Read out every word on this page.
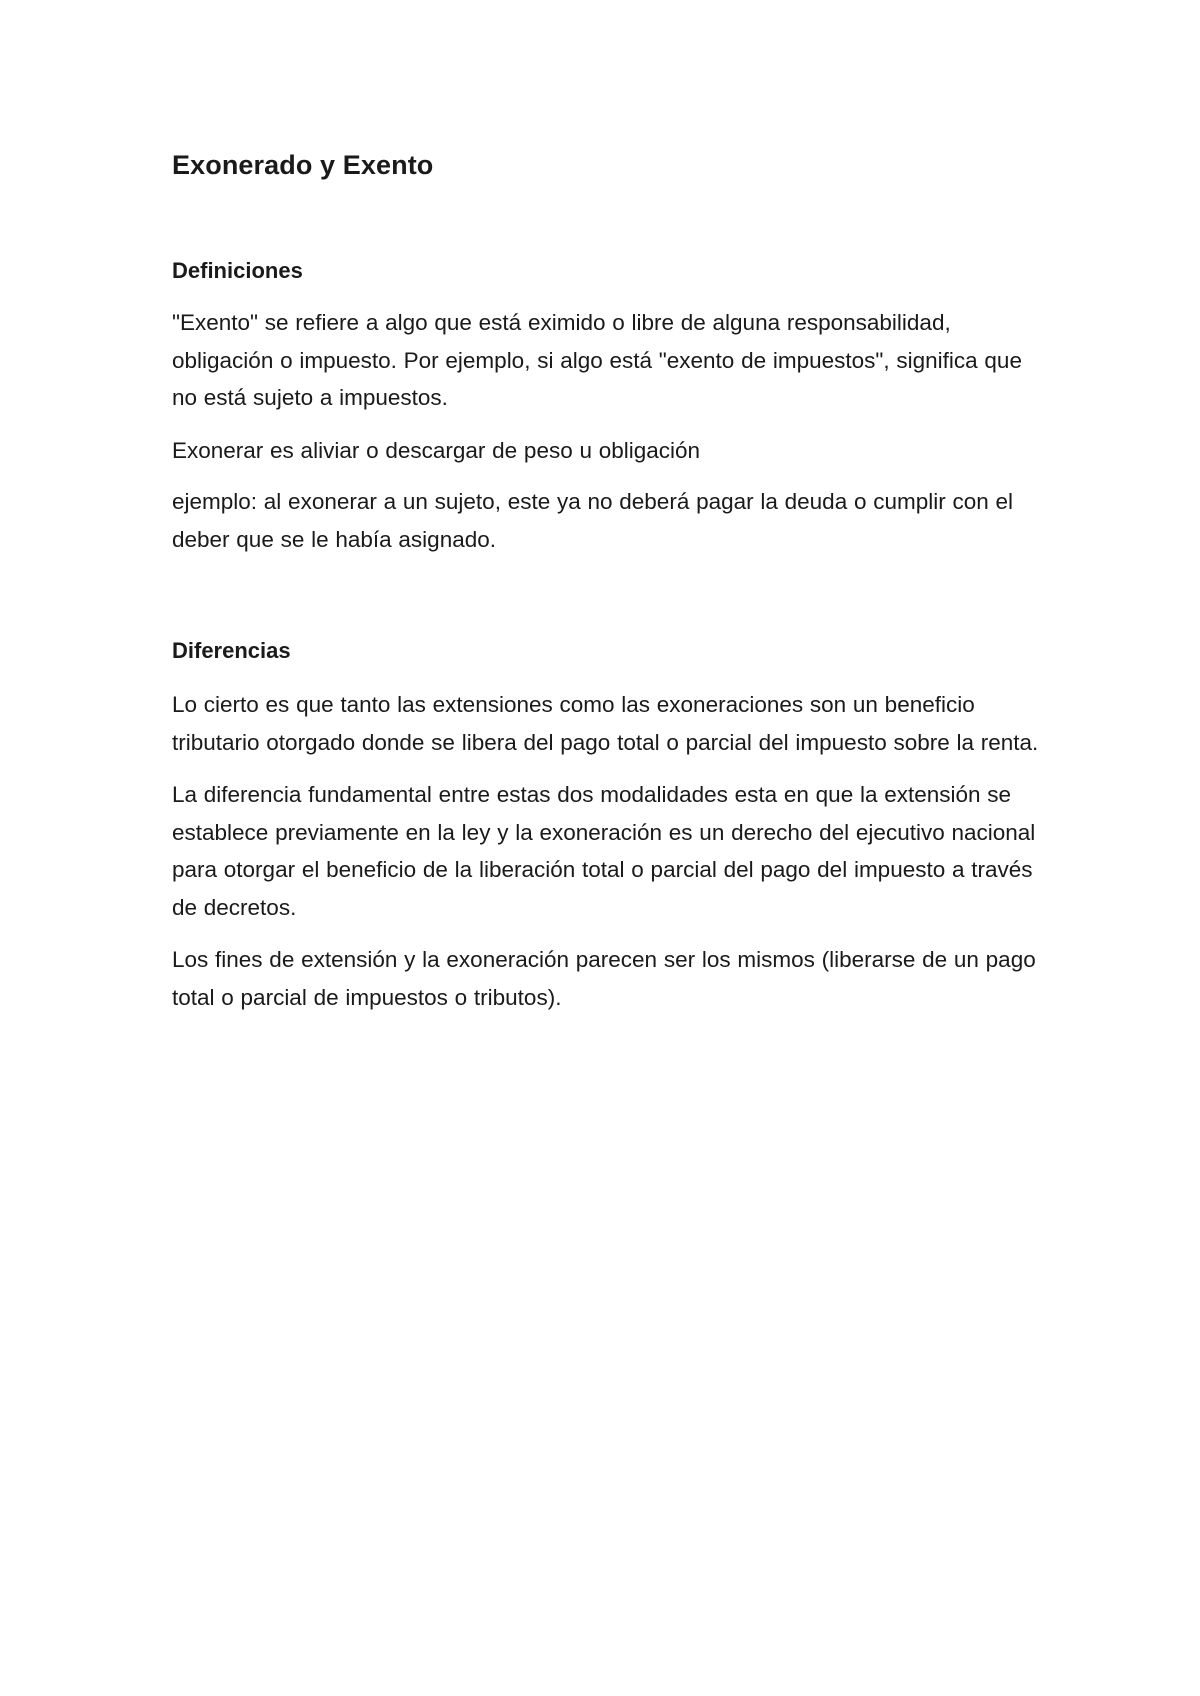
Exonerado y Exento
Definiciones

"Exento" se refiere a algo que está eximido o libre de alguna responsabilidad, obligación o impuesto. Por ejemplo, si algo está "exento de impuestos", significa que no está sujeto a impuestos.

Exonerar es aliviar o descargar de peso u obligación

ejemplo: al exonerar a un sujeto, este ya no deberá pagar la deuda o cumplir con el deber que se le había asignado.

Diferencias

Lo cierto es que tanto las extensiones como las exoneraciones son un beneficio tributario otorgado donde se libera del pago total o parcial del impuesto sobre la renta.

La diferencia fundamental entre estas dos modalidades esta en que la extensión se establece previamente en la ley y la exoneración es un derecho del ejecutivo nacional para otorgar el beneficio de la liberación total o parcial del pago del impuesto a través de decretos.

Los fines de extensión y la exoneración parecen ser los mismos (liberarse de un pago total o parcial de impuestos o tributos).
